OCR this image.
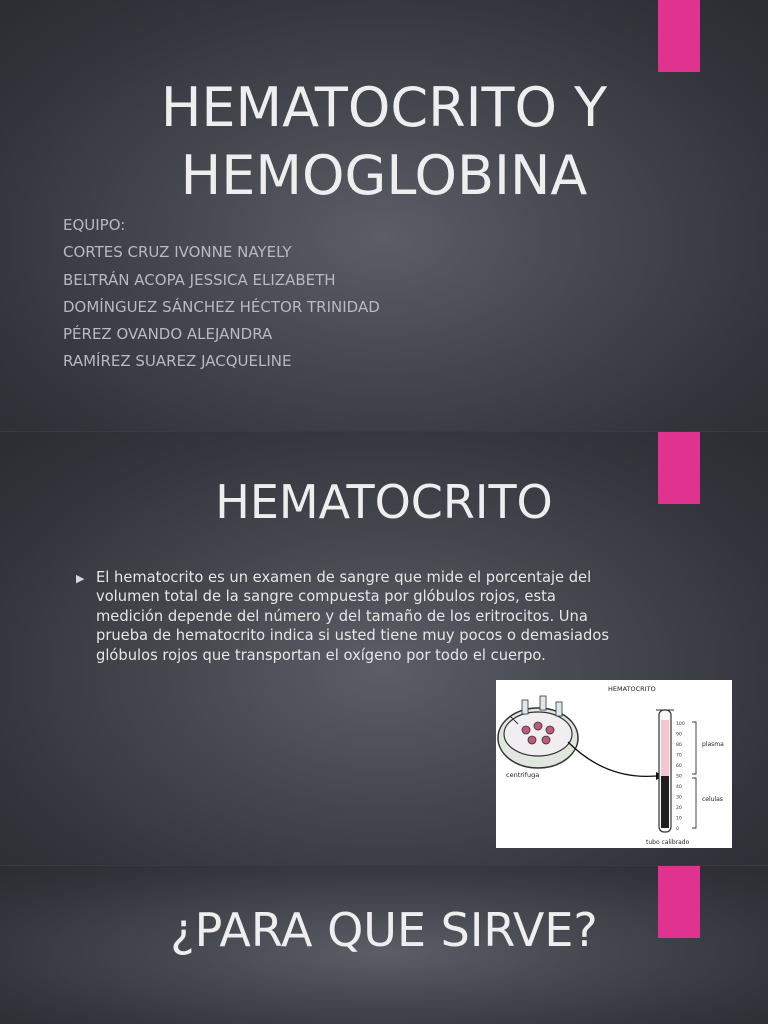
HEMATOCRITO Y
HEMOGLOBINA
EQUIPO:
CORTES CRUZ IVONNE NAYELY
BELTRÁN ACOPA JESSICA ELIZABETH
DOMÍNGUEZ SÁNCHEZ HÉCTOR TRINIDAD
PÉREZ OVANDO ALEJANDRA
RAMÍREZ SUAREZ JACQUELINE
HEMATOCRITO
▶ El hematocrito es un examen de sangre que mide el porcentaje del volumen total de la sangre compuesta por glóbulos rojos, esta medición depende del número y del tamaño de los eritrocitos. Una prueba de hematocrito indica si usted tiene muy pocos o demasiados glóbulos rojos que transportan el oxígeno por todo el cuerpo.
centrifuga
HEMATOCRITO
100
90
80
70
60
50
40
30
20
10
0
plasma
celulas
tubo calibrado
¿PARA QUE SIRVE?
